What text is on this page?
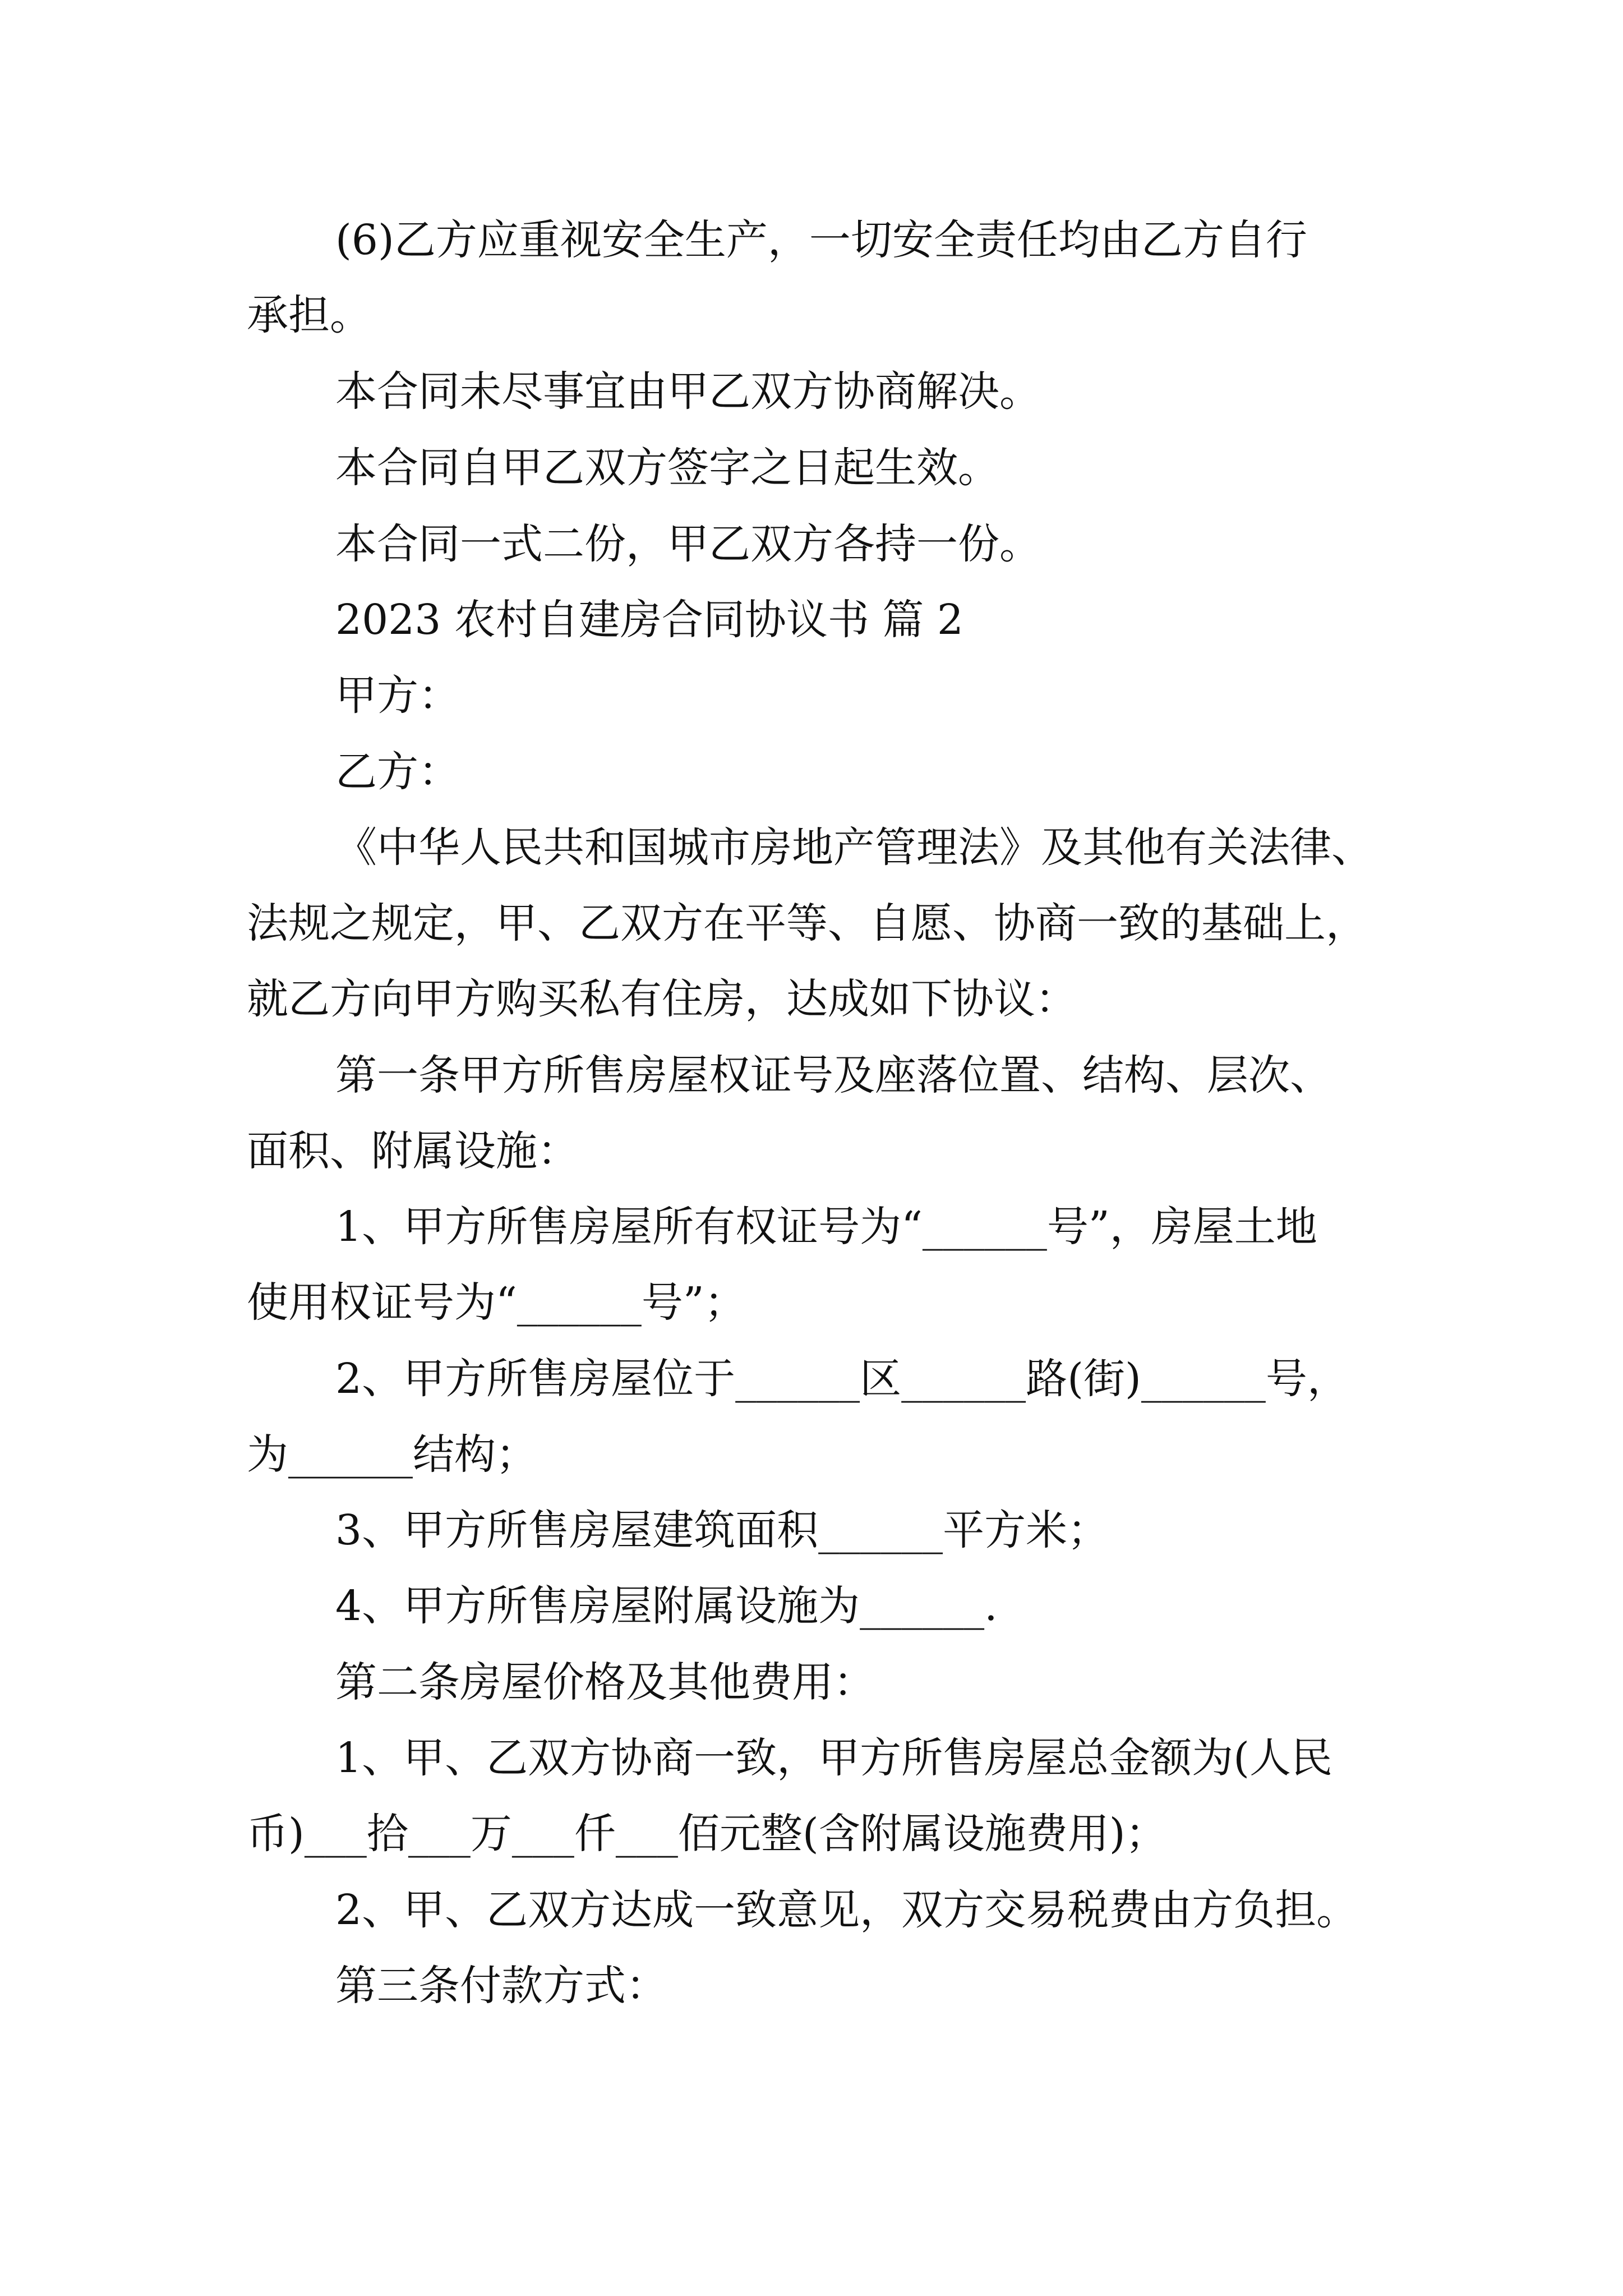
(6)乙方应重视安全生产，一切安全责任均由乙方自行
承担。
本合同未尽事宜由甲乙双方协商解决。
本合同自甲乙双方签字之日起生效。
本合同一式二份，甲乙双方各持一份。
2023 农村自建房合同协议书 篇 2
甲方：
乙方：
《中华人民共和国城市房地产管理法》及其他有关法律、
法规之规定，甲、乙双方在平等、自愿、协商一致的基础上，
就乙方向甲方购买私有住房，达成如下协议：
第一条甲方所售房屋权证号及座落位置、结构、层次、
面积、附属设施：
1、甲方所售房屋所有权证号为“______号”，房屋土地
使用权证号为“______号”；
2、甲方所售房屋位于______区______路(街)______号，
为______结构；
3、甲方所售房屋建筑面积______平方米；
4、甲方所售房屋附属设施为______.
第二条房屋价格及其他费用：
1、甲、乙双方协商一致，甲方所售房屋总金额为(人民
币)___拾___万___仟___佰元整(含附属设施费用)；
2、甲、乙双方达成一致意见，双方交易税费由方负担。
第三条付款方式：
